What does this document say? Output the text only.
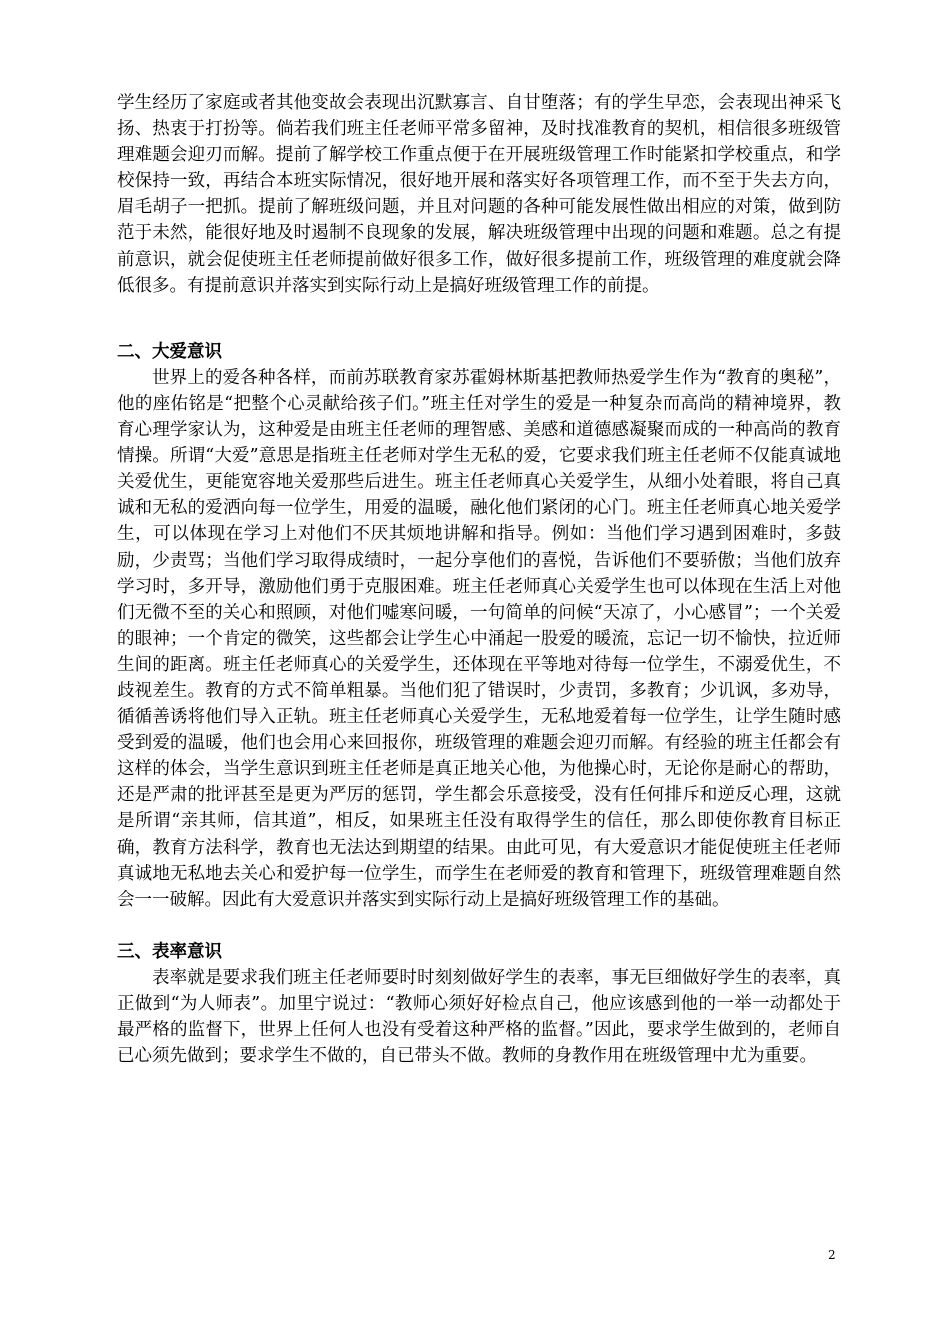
学生经历了家庭或者其他变故会表现出沉默寡言、自甘堕落；有的学生早恋，会表现出神采飞扬、热衷于打扮等。倘若我们班主任老师平常多留神，及时找准教育的契机，相信很多班级管理难题会迎刃而解。提前了解学校工作重点便于在开展班级管理工作时能紧扣学校重点，和学校保持一致，再结合本班实际情况，很好地开展和落实好各项管理工作，而不至于失去方向，眉毛胡子一把抓。提前了解班级问题，并且对问题的各种可能发展性做出相应的对策，做到防范于未然，能很好地及时遏制不良现象的发展，解决班级管理中出现的问题和难题。总之有提前意识，就会促使班主任老师提前做好很多工作，做好很多提前工作，班级管理的难度就会降低很多。有提前意识并落实到实际行动上是搞好班级管理工作的前提。

二、大爱意识

世界上的爱各种各样，而前苏联教育家苏霍姆林斯基把教师热爱学生作为“教育的奥秘”，他的座佑铭是“把整个心灵献给孩子们。”班主任对学生的爱是一种复杂而高尚的精神境界，教育心理学家认为，这种爱是由班主任老师的理智感、美感和道德感凝聚而成的一种高尚的教育情操。所谓“大爱”意思是指班主任老师对学生无私的爱，它要求我们班主任老师不仅能真诚地关爱优生，更能宽容地关爱那些后进生。班主任老师真心关爱学生，从细小处着眼，将自己真诚和无私的爱洒向每一位学生，用爱的温暖，融化他们紧闭的心门。班主任老师真心地关爱学生，可以体现在学习上对他们不厌其烦地讲解和指导。例如：当他们学习遇到困难时，多鼓励，少责骂；当他们学习取得成绩时，一起分享他们的喜悦，告诉他们不要骄傲；当他们放弃学习时，多开导，激励他们勇于克服困难。班主任老师真心关爱学生也可以体现在生活上对他们无微不至的关心和照顾，对他们嘘寒问暖，一句简单的问候“天凉了，小心感冒”；一个关爱的眼神；一个肯定的微笑，这些都会让学生心中涌起一股爱的暖流，忘记一切不愉快，拉近师生间的距离。班主任老师真心的关爱学生，还体现在平等地对待每一位学生，不溺爱优生，不歧视差生。教育的方式不简单粗暴。当他们犯了错误时，少责罚，多教育；少讥讽，多劝导，循循善诱将他们导入正轨。班主任老师真心关爱学生，无私地爱着每一位学生，让学生随时感受到爱的温暖，他们也会用心来回报你，班级管理的难题会迎刃而解。有经验的班主任都会有这样的体会，当学生意识到班主任老师是真正地关心他，为他操心时，无论你是耐心的帮助，还是严肃的批评甚至是更为严厉的惩罚，学生都会乐意接受，没有任何排斥和逆反心理，这就是所谓“亲其师，信其道”，相反，如果班主任没有取得学生的信任，那么即使你教育目标正确，教育方法科学，教育也无法达到期望的结果。由此可见，有大爱意识才能促使班主任老师真诚地无私地去关心和爱护每一位学生，而学生在老师爱的教育和管理下，班级管理难题自然会一一破解。因此有大爱意识并落实到实际行动上是搞好班级管理工作的基础。

三、表率意识

表率就是要求我们班主任老师要时时刻刻做好学生的表率，事无巨细做好学生的表率，真正做到“为人师表”。加里宁说过：“教师心须好好检点自己，他应该感到他的一举一动都处于最严格的监督下，世界上任何人也没有受着这种严格的监督。”因此，要求学生做到的，老师自已心须先做到；要求学生不做的，自已带头不做。教师的身教作用在班级管理中尤为重要。

2
